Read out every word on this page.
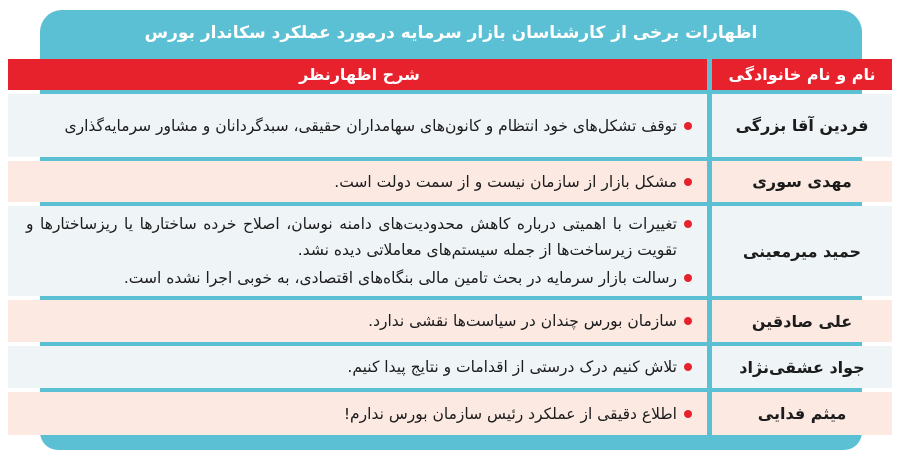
اظهارات برخی از کارشناسان بازار سرمایه درمورد عملکرد سکاندار بورس
نام و نام خانوادگی
شرح اظهارنظر
فردین آقا بزرگی
توقف تشکل‌های خود انتظام و کانون‌های سهامداران حقیقی، سبدگردانان و مشاور سرمایه‌گذاری
مهدی سوری
مشکل بازار از سازمان نیست و از سمت دولت است.
حمید میرمعینی
تغییرات با اهمیتی درباره کاهش محدودیت‌های دامنه نوسان، اصلاح خرده ساختارها یا ریزساختارها و تقویت زیرساخت‌ها از جمله سیستم‌های معاملاتی دیده نشد.
رسالت بازار سرمایه در بحث تامین مالی بنگاه‌های اقتصادی، به خوبی اجرا نشده است.
علی صادقین
سازمان بورس چندان در سیاست‌ها نقشی ندارد.
جواد عشقی‌نژاد
تلاش کنیم درک درستی از اقدامات و نتایج پیدا کنیم.
میثم فدایی
اطلاع دقیقی از عملکرد رئیس سازمان بورس ندارم!
